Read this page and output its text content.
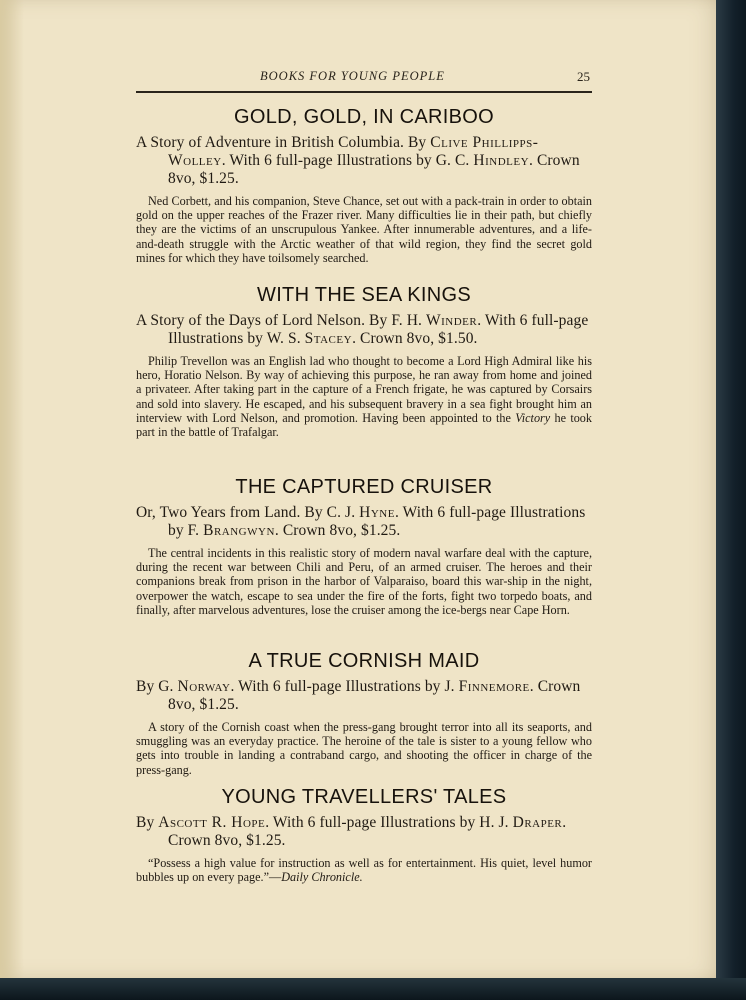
BOOKS FOR YOUNG PEOPLE	25
GOLD, GOLD, IN CARIBOO

A Story of Adventure in British Columbia. By Clive Phillipps-Wolley. With 6 full-page Illustrations by G. C. Hindley. Crown 8vo, $1.25.

Ned Corbett, and his companion, Steve Chance, set out with a pack-train in order to obtain gold on the upper reaches of the Frazer river. Many difficulties lie in their path, but chiefly they are the victims of an unscrupulous Yankee. After innumerable adventures, and a life-and-death struggle with the Arctic weather of that wild region, they find the secret gold mines for which they have toilsomely searched.

WITH THE SEA KINGS

A Story of the Days of Lord Nelson. By F. H. Winder. With 6 full-page Illustrations by W. S. Stacey. Crown 8vo, $1.50.

Philip Trevellon was an English lad who thought to become a Lord High Admiral like his hero, Horatio Nelson. By way of achieving this purpose, he ran away from home and joined a privateer. After taking part in the capture of a French frigate, he was captured by Corsairs and sold into slavery. He escaped, and his subsequent bravery in a sea fight brought him an interview with Lord Nelson, and promotion. Having been appointed to the Victory he took part in the battle of Trafalgar.

THE CAPTURED CRUISER

Or, Two Years from Land. By C. J. Hyne. With 6 full-page Illustrations by F. Brangwyn. Crown 8vo, $1.25.

The central incidents in this realistic story of modern naval warfare deal with the capture, during the recent war between Chili and Peru, of an armed cruiser. The heroes and their companions break from prison in the harbor of Valparaiso, board this war-ship in the night, overpower the watch, escape to sea under the fire of the forts, fight two torpedo boats, and finally, after marvelous adventures, lose the cruiser among the ice-bergs near Cape Horn.

A TRUE CORNISH MAID

By G. Norway. With 6 full-page Illustrations by J. Finnemore. Crown 8vo, $1.25.

A story of the Cornish coast when the press-gang brought terror into all its seaports, and smuggling was an everyday practice. The heroine of the tale is sister to a young fellow who gets into trouble in landing a contraband cargo, and shooting the officer in charge of the press-gang.

YOUNG TRAVELLERS' TALES

By Ascott R. Hope. With 6 full-page Illustrations by H. J. Draper. Crown 8vo, $1.25.

“Possess a high value for instruction as well as for entertainment. His quiet, level humor bubbles up on every page.”—Daily Chronicle.
